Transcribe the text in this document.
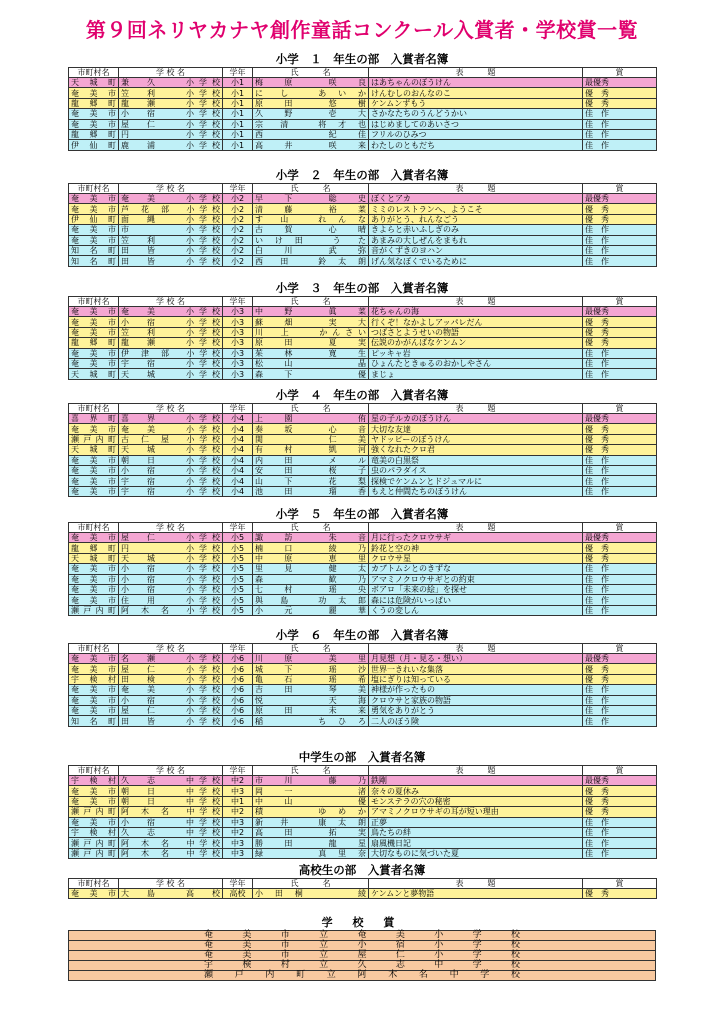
第９回ネリヤカナヤ創作童話コンクール入賞者・学校賞一覧
小学　１　年生の部　入賞者名簿
市町村名	学 校 名	学年	氏　　　名	表　　　題	賞
天 城 町	兼　久　　小学校	小1	梅　原　　咲　良	はあちゃんのぼうけん	最優秀
奄 美 市	笠　利　　小学校	小1	に　し　　あ い か	けんむしのおんなのこ	優　秀
龍 郷 町	龍　瀬　　小学校	小1	原　田　　悠　樹	ケンムンずもう	優　秀
奄 美 市	小　宿　　小学校	小1	久　野　　壱　大	さかなたちのうんどうかい	佳　作
奄 美 市	屋　仁　　小学校	小1	宗　清　　将 才 也	はじめましてのあいさつ	佳　作
龍 郷 町	円　　　　小学校	小1	西　　　　紀　佳	フリルのひみつ	佳　作
伊 仙 町	鹿　浦　　小学校	小1	高　井　　咲　来	わたしのともだち	佳　作
小学　２　年生の部　入賞者名簿
市町村名	学 校 名	学年	氏　　　名	表　　　題	賞
奄 美 市	奄　美　　小学校	小2	早　下　　聡　史	ぼくとアカ	最優秀
奄 美 市	芦 花 部　小学校	小2	清　藤　　裕　菜	ミミのレストランへ、ようこそ	優　秀
伊 仙 町	面　縄　　小学校	小2	す　山　　れ ん な	ありがとう、れんなごう	優　秀
奄 美 市	市　　　　小学校	小2	古　賀　　心　晴	きよらと赤いふしぎのみ	佳　作
奄 美 市	笠　利　　小学校	小2	い け 田　　う　た	あまみの大しぜんをまもれ	佳　作
知 名 町	田　皆　　小学校	小2	白　川　　武　弥	音がくずきのヨハン	佳　作
知 名 町	田　皆　　小学校	小2	西　田　　鈴 太 朗	げん気なぼくでいるために	佳　作
小学　３　年生の部　入賞者名簿
市町村名	学 校 名	学年	氏　　　名	表　　　題	賞
奄 美 市	奄　美　　小学校	小3	中　野　　眞　菜	花ちゃんの海	最優秀
奄 美 市	小　宿　　小学校	小3	蘇　畑　　実　大	行くぞ！なかよしアッパレだん	優　秀
奄 美 市	笠　利　　小学校	小3	川　上　　かんさい	つばさとようせいの物語	優　秀
龍 郷 町	龍　瀬　　小学校	小3	原　田　　夏　実	伝説のかがんばなケンムン	優　秀
奄 美 市	伊 津 部　小学校	小3	茱　林　　寛　生	ピッキャ岩	佳　作
奄 美 市	宇　宿　　小学校	小3	松　山　　　　晶	ひょんたときゅるのおかしやさん	佳　作
天 城 町	天　城　　小学校	小3	森　下　　　　優	まじょ	佳　作
小学　４　年生の部　入賞者名簿
市町村名	学 校 名	学年	氏　　　名	表　　　題	賞
喜 界 町	喜　界　　小学校	小4	上　園　　　　侑	星の子ルカのぼうけん	最優秀
奄 美 市	奄　美　　小学校	小4	奏　坂　　心　音	大切な友達	優　秀
瀬戸内町	古 仁 屋　小学校	小4	関　　　　仁　美	ヤドッピーのぼうけん	優　秀
天 城 町	天　城　　小学校	小4	有　村　　凱　河	強くなれたクロ君	優　秀
奄 美 市	朝　日　　小学校	小4	内　田　　メ　ル	竜美の白黒祭	佳　作
奄 美 市	小　宿　　小学校	小4	安　田　　桜　子	虫のパラダイス	佳　作
奄 美 市	宇　宿　　小学校	小4	山　下　　花　梨	探検でケンムンとドジュマルに	佳　作
奄 美 市	宇　宿　　小学校	小4	池　田　　瑠　香	もえと仲間たちのぼうけん	佳　作
小学　５　年生の部　入賞者名簿
市町村名	学 校 名	学年	氏　　　名	表　　　題	賞
奄 美 市	屋　仁　　小学校	小5	諏　訪　　朱　音	月に行ったクロウサギ	最優秀
龍 郷 町	円　　　　小学校	小5	楠　口　　綾　乃	鈴花と空の神	優　秀
天 城 町	天　城　　小学校	小5	中　原　　恵　里	クロウサ星	優　秀
奄 美 市	小　宿　　小学校	小5	里　見　　健　太	カブトムシとのきずな	佳　作
奄 美 市	小　宿　　小学校	小5	森　　　　歓　乃	アマミノクロウサギとの約束	佳　作
奄 美 市	小　宿　　小学校	小5	七　村　　瑶　央	ボアロ「未来の絵」を探せ	佳　作
奄 美 市	住　用　　小学校	小5	與　島　　功 太 郎	森には危険がいっぱい	佳　作
瀬戸内町	阿 木 名　小学校	小5	小　元　　麗　華	くうの変しん	佳　作
小学　６　年生の部　入賞者名簿
市町村名	学 校 名	学年	氏　　　名	表　　　題	賞
奄 美 市	名　瀬　　小学校	小6	川　原　　美　里	月見想（月・見る・想い）	最優秀
奄 美 市	屋　仁　　小学校	小6	城　下　　瑶　沙	世界一きれいな集落	優　秀
宇 検 村	田　検　　小学校	小6	亀　石　　瑶　希	塩にぎりは知っている	優　秀
奄 美 市	奄　美　　小学校	小6	吉　田　　琴　美	神様が作ったもの	佳　作
奄 美 市	小　宿　　小学校	小6	悦　　　　天　海	クロウサと家族の物語	佳　作
奄 美 市	屋　仁　　小学校	小6	原　田　　未　来	勇気をありがとう	佳　作
知 名 町	田　皆　　小学校	小6	稲　　　　ち ひ ろ	二人のぼう険	佳　作
中学生の部　入賞者名簿
市町村名	学 校 名	学年	氏　　　名	表　　　題	賞
宇 検 村	久　志　　中学校	中2	市　川　　藤　乃	鉄剛	最優秀
奄 美 市	朝　日　　中学校	中3	岡　一　　　　渚	奈々の夏休み	優　秀
奄 美 市	朝　日　　中学校	中1	中　山　　　　優	モンステラの穴の秘密	優　秀
瀬戸内町	阿 木 名　中学校	中2	積　　　　ゆ め か	アマミノクロウサギの耳が短い理由	優　秀
奄 美 市	小　宿　　中学校	中3	新　井　　康 太 朗	正夢	佳　作
宇 検 村	久　志　　中学校	中2	高　田　　拓　実	鳥たちの絆	佳　作
瀬戸内町	阿 木 名　中学校	中3	勝　田　　龍　星	扇風機日記	佳　作
瀬戸内町	阿 木 名　中学校	中3	緑　　　　真 里 奈	大切なものに気づいた夏	佳　作
高校生の部　入賞者名簿
市町村名	学 校 名	学年	氏　　　名	表　　　題	賞
奄 美 市	大　島　　高　校	高校	小 田 桐　　　　綾	ケンムンと夢物語	優　秀
学 校 賞
奄美市立奄美小学校
奄美市立小宿小学校
奄美市立屋仁小学校
宇検村立久志中学校
瀬戸内町立阿木名中学校
